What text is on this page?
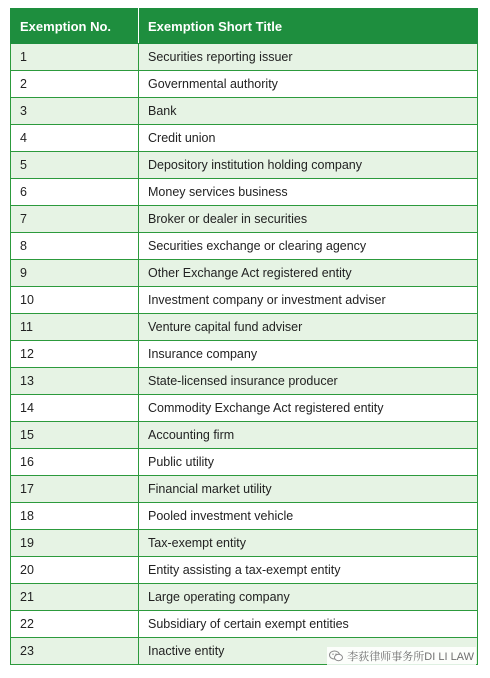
Exemption No.	Exemption Short Title
1	Securities reporting issuer
2	Governmental authority
3	Bank
4	Credit union
5	Depository institution holding company
6	Money services business
7	Broker or dealer in securities
8	Securities exchange or clearing agency
9	Other Exchange Act registered entity
10	Investment company or investment adviser
11	Venture capital fund adviser
12	Insurance company
13	State-licensed insurance producer
14	Commodity Exchange Act registered entity
15	Accounting firm
16	Public utility
17	Financial market utility
18	Pooled investment vehicle
19	Tax-exempt entity
20	Entity assisting a tax-exempt entity
21	Large operating company
22	Subsidiary of certain exempt entities
23	Inactive entity	李荻律师事务所DI LI LAW
